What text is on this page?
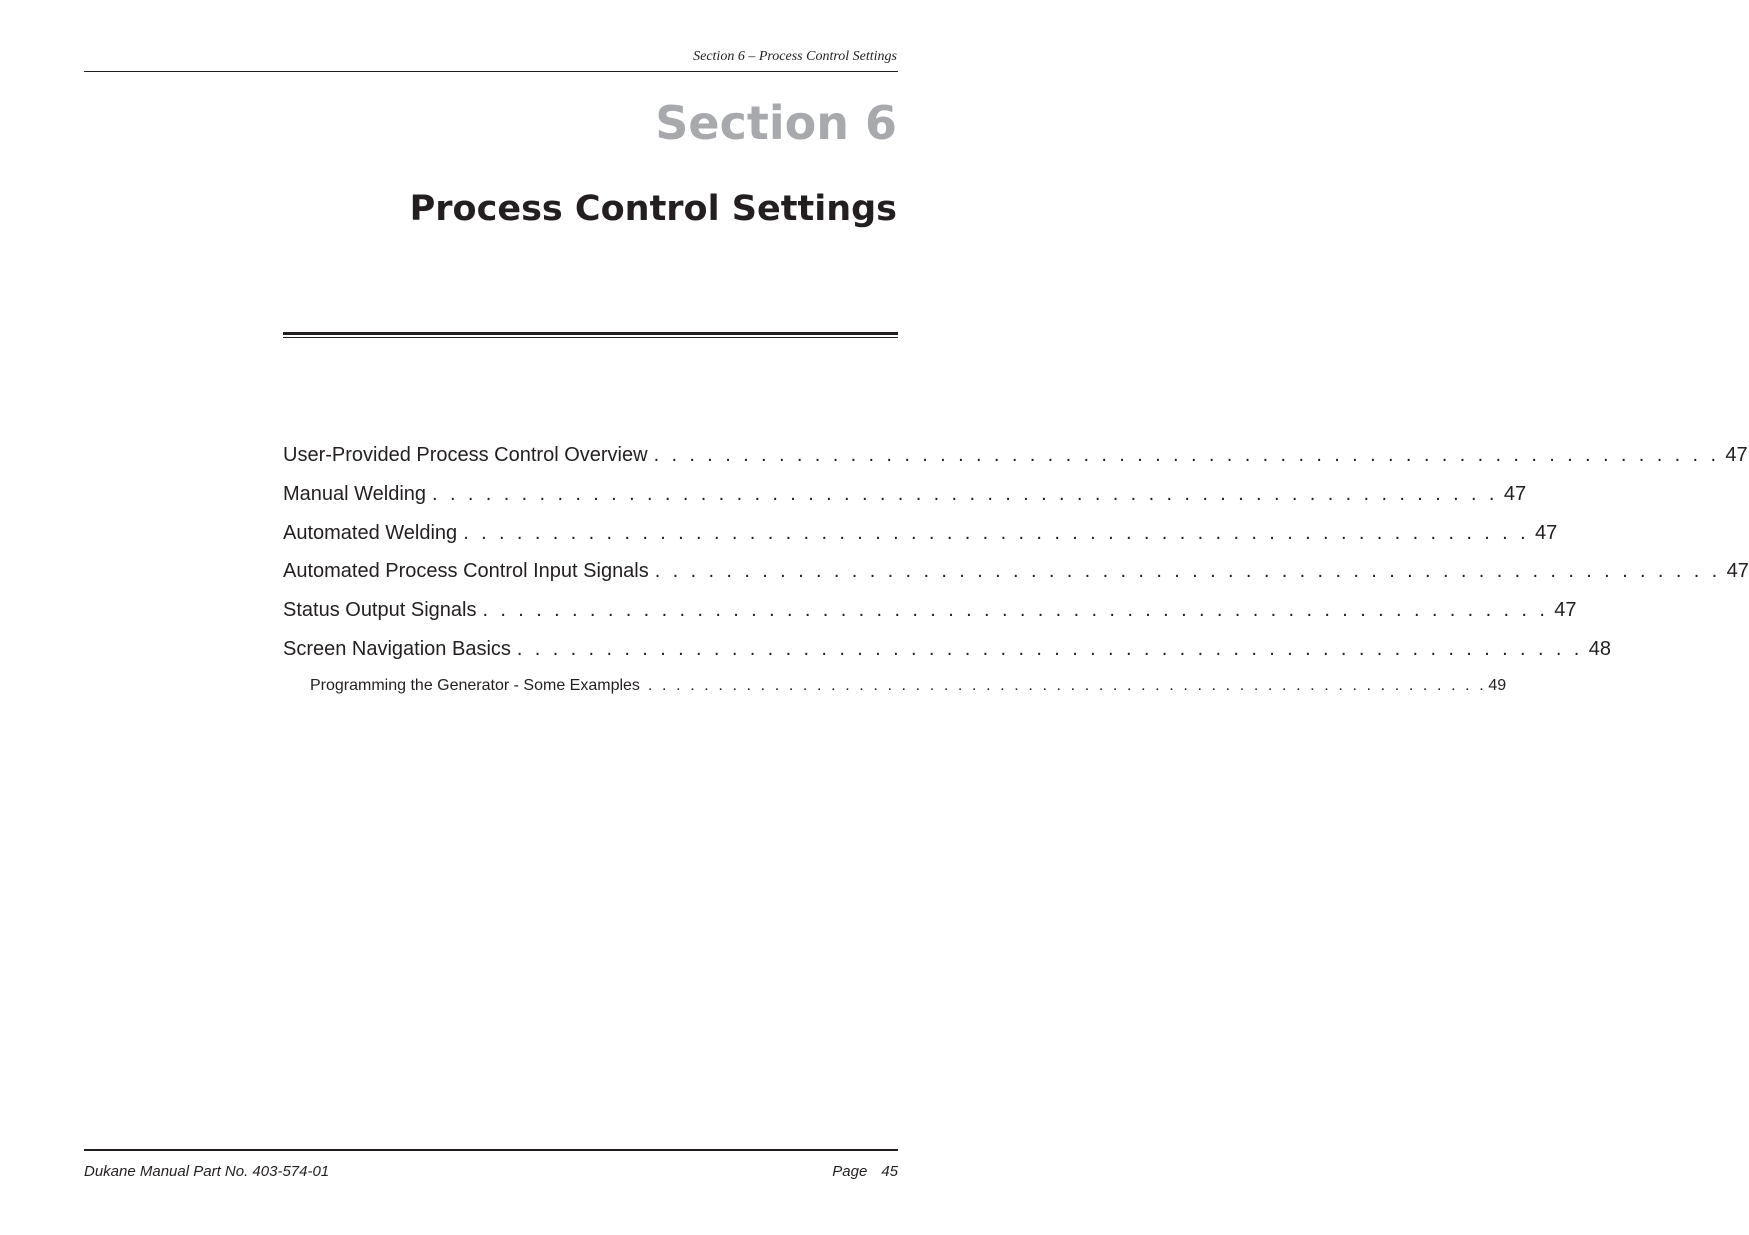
Section 6 – Process Control Settings
Section 6
Process Control Settings
User-Provided Process Control Overview . . . . . . . . . . . . . . . . . . . . . . . . . . . . . . . . . . . . . . . . . . . . . . . . . . . . . . . . . . . . 47
Manual Welding . . . . . . . . . . . . . . . . . . . . . . . . . . . . . . . . . . . . . . . . . . . . . . . . . . . . . . . . . . . . 47
Automated Welding . . . . . . . . . . . . . . . . . . . . . . . . . . . . . . . . . . . . . . . . . . . . . . . . . . . . . . . . . . . . 47
Automated Process Control Input Signals . . . . . . . . . . . . . . . . . . . . . . . . . . . . . . . . . . . . . . . . . . . . . . . . . . . . . . . . . . . . 47
Status Output Signals . . . . . . . . . . . . . . . . . . . . . . . . . . . . . . . . . . . . . . . . . . . . . . . . . . . . . . . . . . . . 47
Screen Navigation Basics . . . . . . . . . . . . . . . . . . . . . . . . . . . . . . . . . . . . . . . . . . . . . . . . . . . . . . . . . . . . 48
Programming the Generator - Some Examples . . . . . . . . . . . . . . . . . . . . . . . . . . . . . . . . . . . . . . . . . . . . . . . . . . . . . . . . . . . . 49
Dukane Manual Part No. 403-574-01	Page 45
